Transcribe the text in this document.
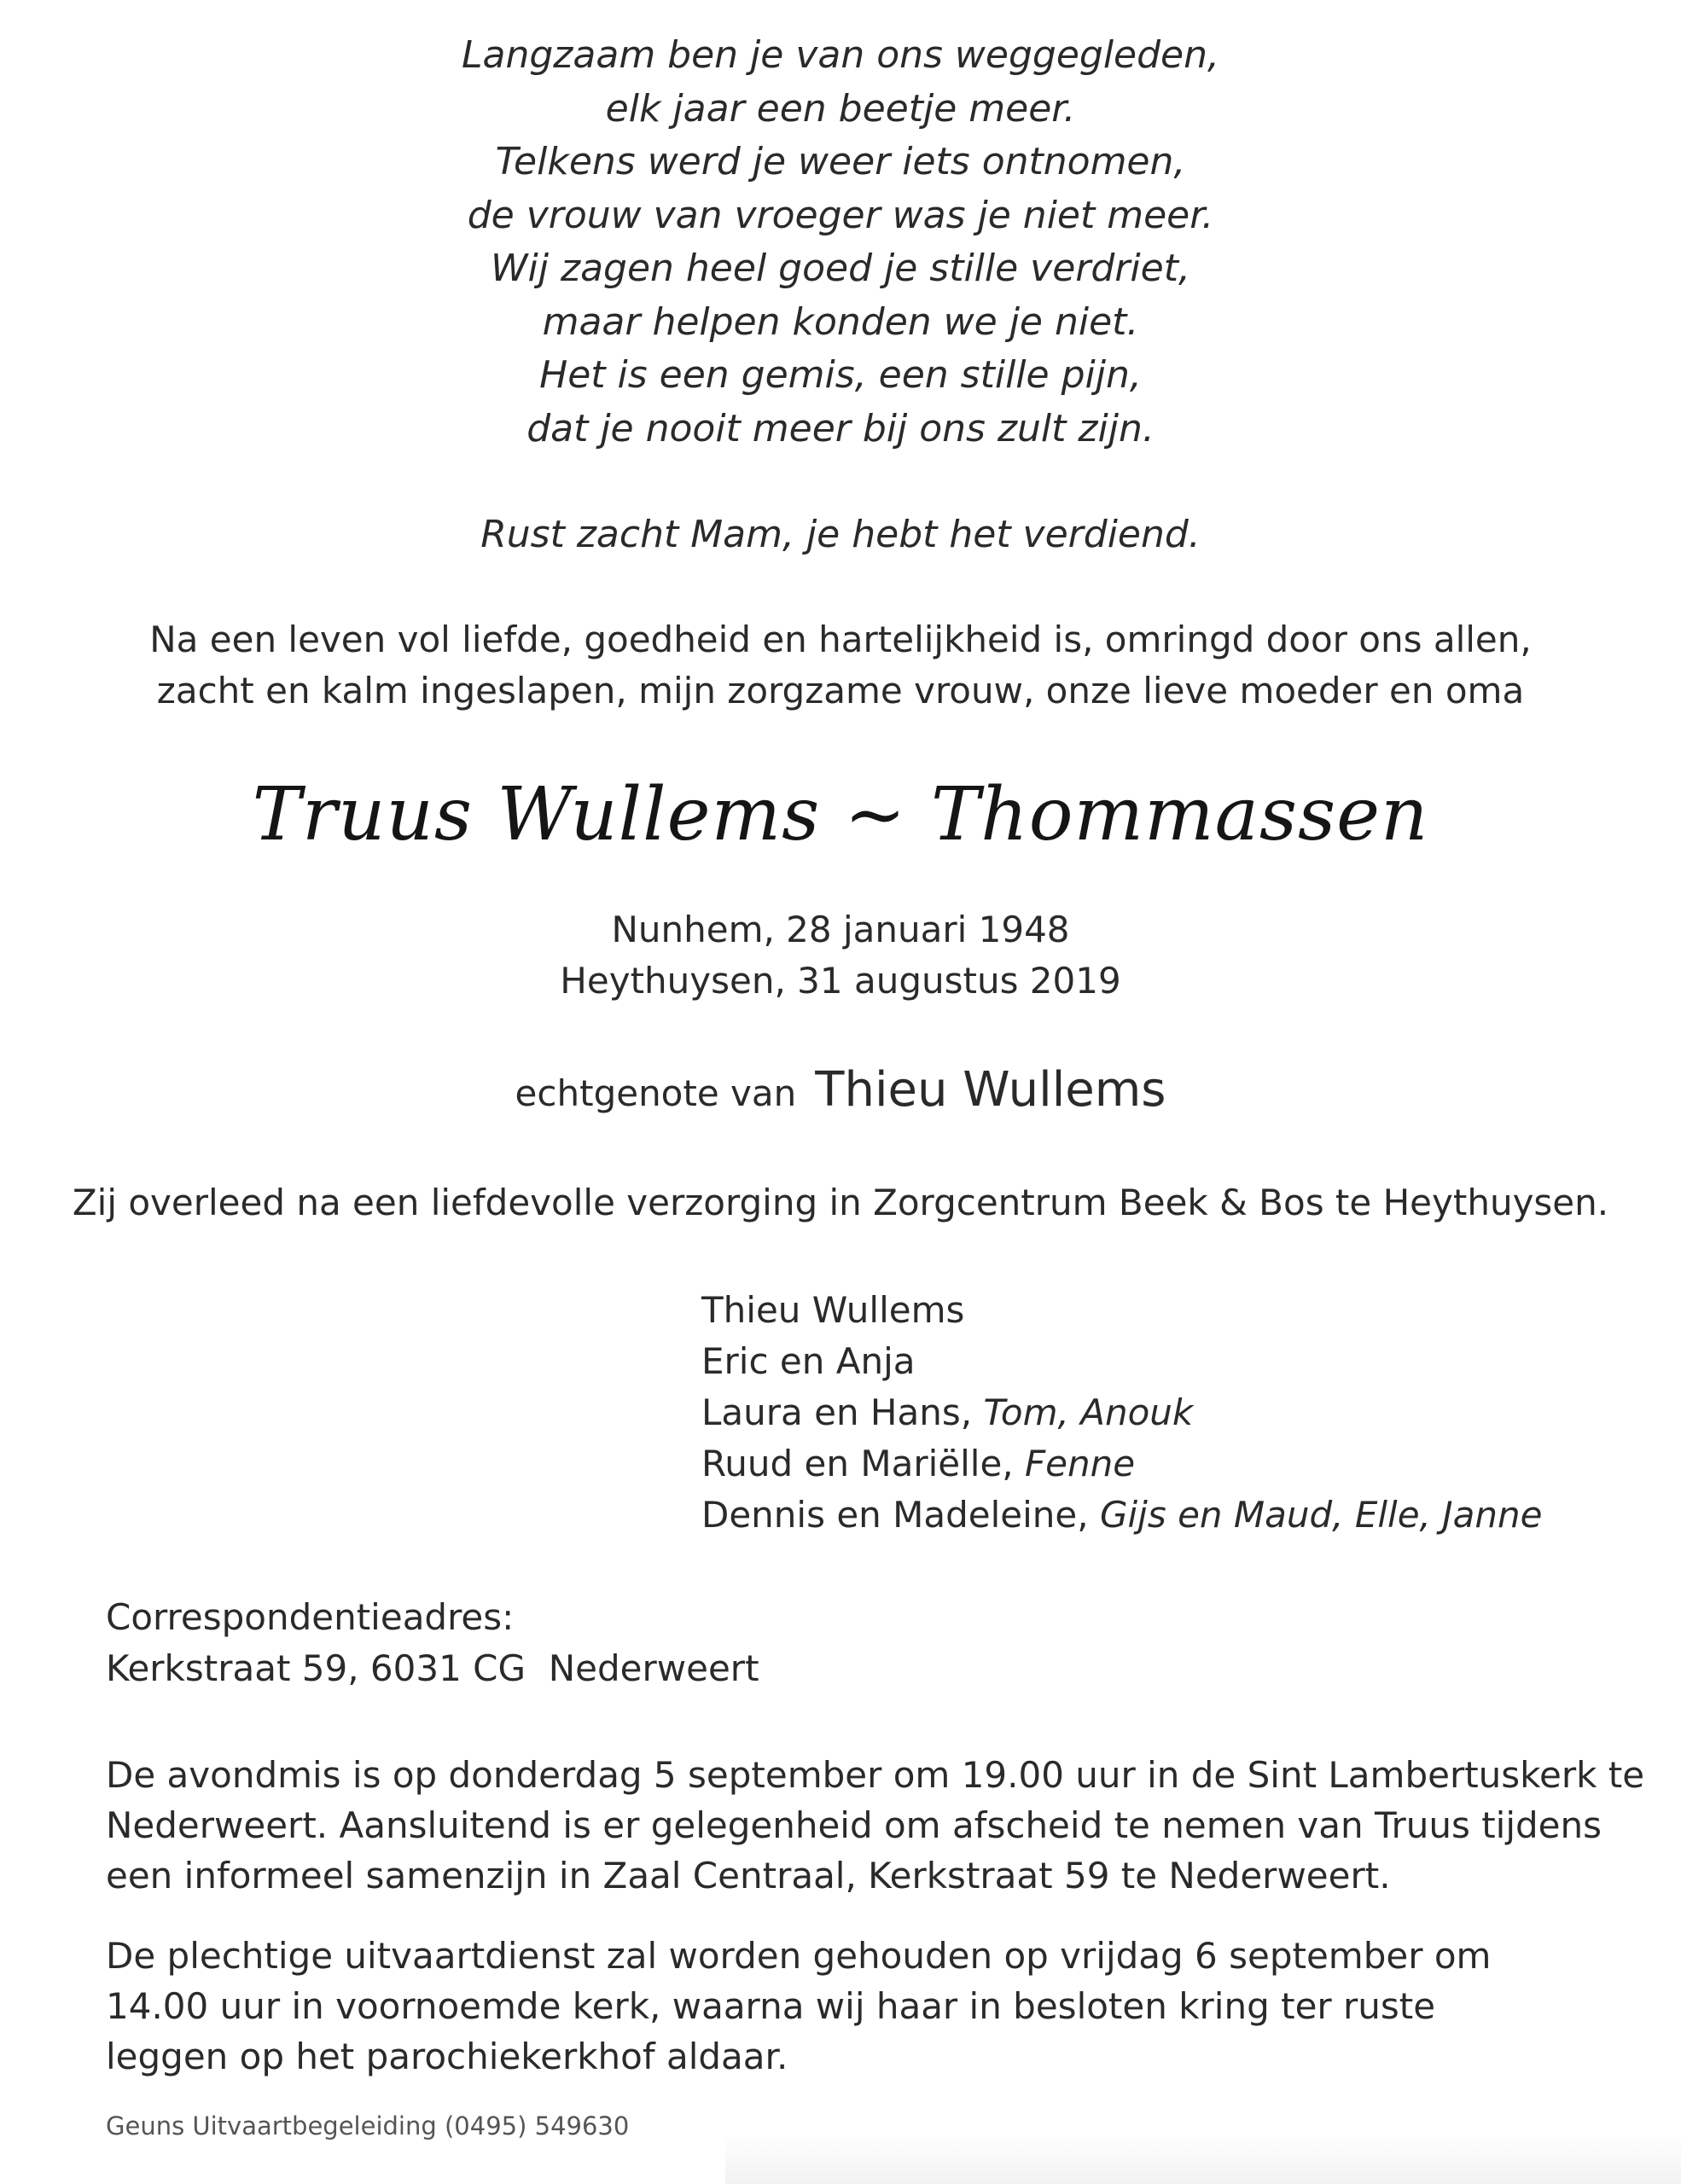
Langzaam ben je van ons weggegleden,
elk jaar een beetje meer.
Telkens werd je weer iets ontnomen,
de vrouw van vroeger was je niet meer.
Wij zagen heel goed je stille verdriet,
maar helpen konden we je niet.
Het is een gemis, een stille pijn,
dat je nooit meer bij ons zult zijn.
Rust zacht Mam, je hebt het verdiend.
Na een leven vol liefde, goedheid en hartelijkheid is, omringd door ons allen,
zacht en kalm ingeslapen, mijn zorgzame vrouw, onze lieve moeder en oma
Truus Wullems ~ Thommassen
Nunhem, 28 januari 1948
Heythuysen, 31 augustus 2019
echtgenote van Thieu Wullems
Zij overleed na een liefdevolle verzorging in Zorgcentrum Beek & Bos te Heythuysen.
Thieu Wullems
Eric en Anja
Laura en Hans, Tom, Anouk
Ruud en Mariëlle, Fenne
Dennis en Madeleine, Gijs en Maud, Elle, Janne
Correspondentieadres:
Kerkstraat 59, 6031 CG  Nederweert
De avondmis is op donderdag 5 september om 19.00 uur in de Sint Lambertuskerk te
Nederweert. Aansluitend is er gelegenheid om afscheid te nemen van Truus tijdens
een informeel samenzijn in Zaal Centraal, Kerkstraat 59 te Nederweert.
De plechtige uitvaartdienst zal worden gehouden op vrijdag 6 september om
14.00 uur in voornoemde kerk, waarna wij haar in besloten kring ter ruste
leggen op het parochiekerkhof aldaar.
Geuns Uitvaartbegeleiding (0495) 549630
